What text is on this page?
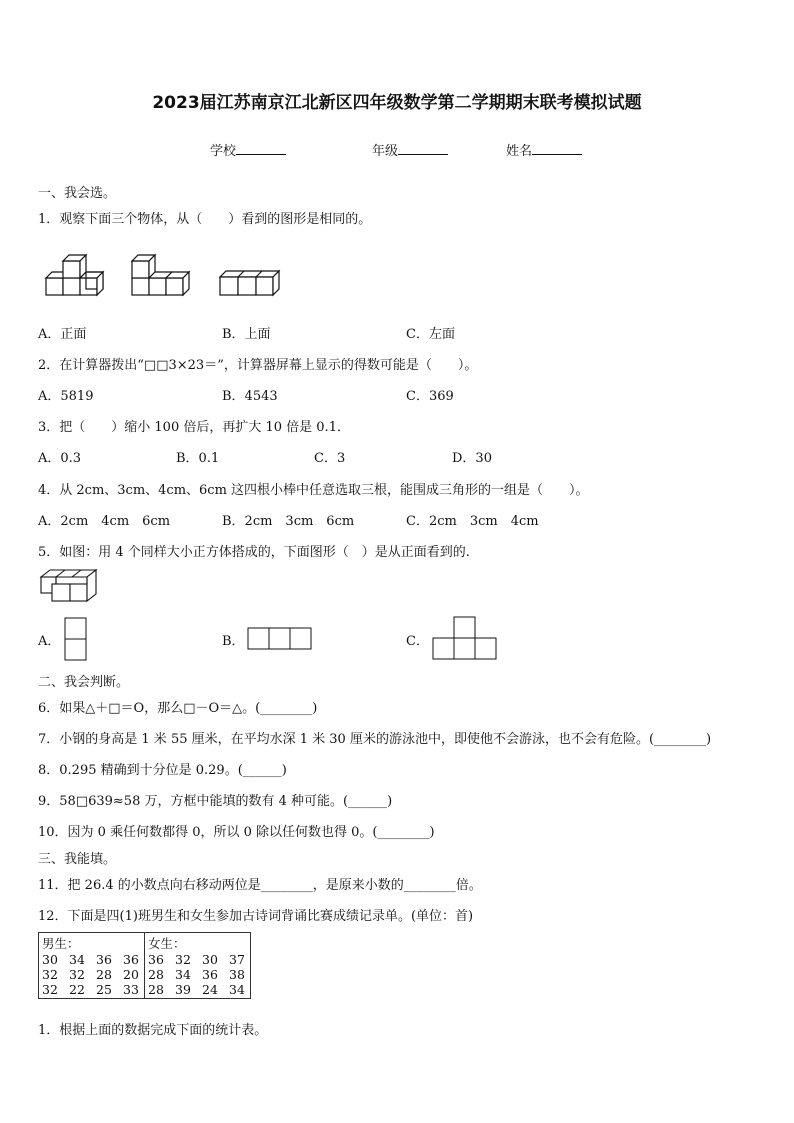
2023届江苏南京江北新区四年级数学第二学期期末联考模拟试题
学校	年级	姓名
一、我会选。
1．观察下面三个物体，从（　　）看到的图形是相同的。
A．正面	B．上面	C．左面
2．在计算器拨出“□□3×23＝”，计算器屏幕上显示的得数可能是（　　）。
A．5819	B．4543	C．369
3．把（　　）缩小 100 倍后，再扩大 10 倍是 0.1．
A．0.3	B．0.1	C．3	D．30
4．从 2cm、3cm、4cm、6cm 这四根小棒中任意选取三根，能围成三角形的一组是（　　）。
A．2cm　4cm　6cm	B．2cm　3cm　6cm	C．2cm　3cm　4cm
5．如图：用 4 个同样大小正方体搭成的，下面图形（　）是从正面看到的.
A．	B．	C．
二、我会判断。
6．如果△＋□＝O，那么□－O＝△。(________)
7．小钢的身高是 1 米 55 厘米，在平均水深 1 米 30 厘米的游泳池中，即使他不会游泳，也不会有危险。(________)
8．0.295 精确到十分位是 0.29。(______)
9．58□639≈58 万，方框中能填的数有 4 种可能。(______)
10．因为 0 乘任何数都得 0，所以 0 除以任何数也得 0。(________)
三、我能填。
11．把 26.4 的小数点向右移动两位是________，是原来小数的________倍。
12．下面是四(1)班男生和女生参加古诗词背诵比赛成绩记录单。(单位：首)
男生：
30 34 36 36
32 32 28 20
32 22 25 33

女生：
36 32 30 37
28 34 36 38
28 39 24 34
1．根据上面的数据完成下面的统计表。
